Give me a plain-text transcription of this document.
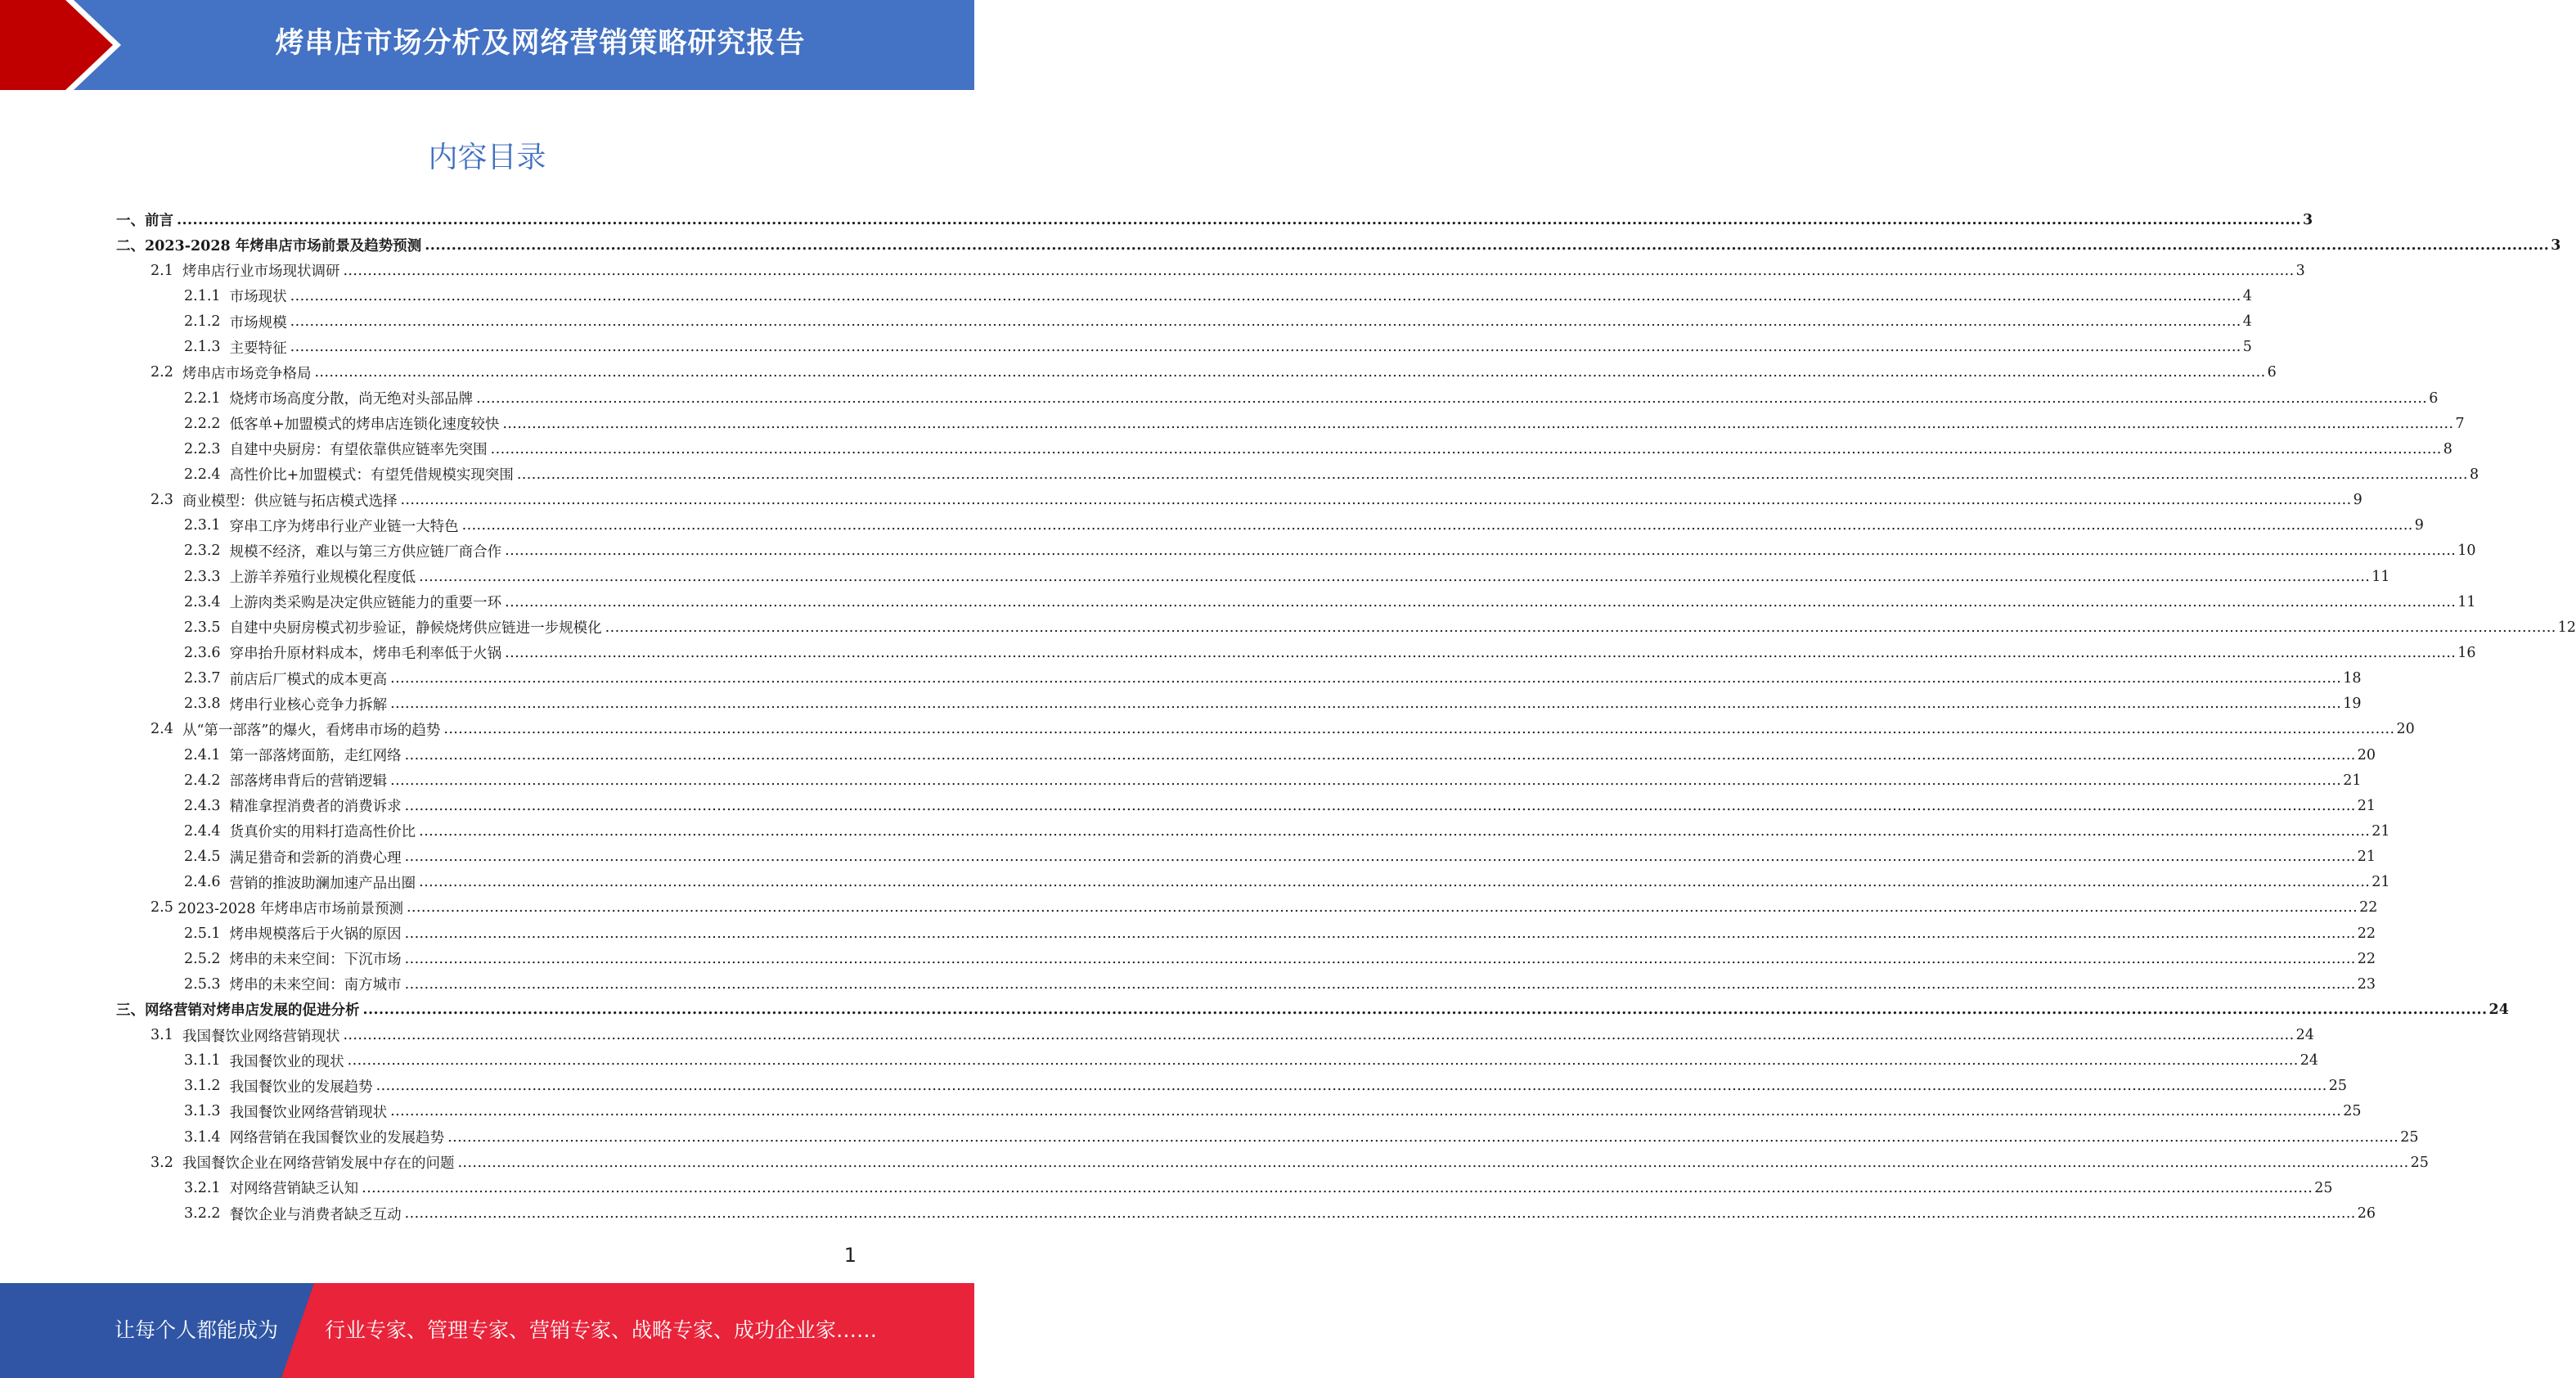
烤串店市场分析及网络营销策略研究报告
内容目录
一、 前言 ................................................................................................................................................................................................................................................................................................................................................................................................................ 3
二、 2023-2028 年烤串店市场前景及趋势预测 ................................................................................................................................................................................................................................................................................................................................................................................................................ 3
2.1 烤串店行业市场现状调研 ................................................................................................................................................................................................................................................................................................................................................................................................................ 3
2.1.1 市场现状 ................................................................................................................................................................................................................................................................................................................................................................................................................ 4
2.1.2 市场规模 ................................................................................................................................................................................................................................................................................................................................................................................................................ 4
2.1.3 主要特征 ................................................................................................................................................................................................................................................................................................................................................................................................................ 5
2.2 烤串店市场竞争格局 ................................................................................................................................................................................................................................................................................................................................................................................................................ 6
2.2.1 烧烤市场高度分散，尚无绝对头部品牌 ................................................................................................................................................................................................................................................................................................................................................................................................................ 6
2.2.2 低客单+加盟模式的烤串店连锁化速度较快 ................................................................................................................................................................................................................................................................................................................................................................................................................ 7
2.2.3 自建中央厨房：有望依靠供应链率先突围 ................................................................................................................................................................................................................................................................................................................................................................................................................ 8
2.2.4 高性价比+加盟模式：有望凭借规模实现突围 ................................................................................................................................................................................................................................................................................................................................................................................................................ 8
2.3 商业模型：供应链与拓店模式选择 ................................................................................................................................................................................................................................................................................................................................................................................................................ 9
2.3.1 穿串工序为烤串行业产业链一大特色 ................................................................................................................................................................................................................................................................................................................................................................................................................ 9
2.3.2 规模不经济，难以与第三方供应链厂商合作 ................................................................................................................................................................................................................................................................................................................................................................................................................ 10
2.3.3 上游羊养殖行业规模化程度低 ................................................................................................................................................................................................................................................................................................................................................................................................................ 11
2.3.4 上游肉类采购是决定供应链能力的重要一环 ................................................................................................................................................................................................................................................................................................................................................................................................................ 11
2.3.5 自建中央厨房模式初步验证，静候烧烤供应链进一步规模化 ................................................................................................................................................................................................................................................................................................................................................................................................................ 12
2.3.6 穿串抬升原材料成本，烤串毛利率低于火锅 ................................................................................................................................................................................................................................................................................................................................................................................................................ 16
2.3.7 前店后厂模式的成本更高 ................................................................................................................................................................................................................................................................................................................................................................................................................ 18
2.3.8 烤串行业核心竞争力拆解 ................................................................................................................................................................................................................................................................................................................................................................................................................ 19
2.4 从“第一部落”的爆火，看烤串市场的趋势 ................................................................................................................................................................................................................................................................................................................................................................................................................ 20
2.4.1 第一部落烤面筋，走红网络 ................................................................................................................................................................................................................................................................................................................................................................................................................ 20
2.4.2 部落烤串背后的营销逻辑 ................................................................................................................................................................................................................................................................................................................................................................................................................ 21
2.4.3 精准拿捏消费者的消费诉求 ................................................................................................................................................................................................................................................................................................................................................................................................................ 21
2.4.4 货真价实的用料打造高性价比 ................................................................................................................................................................................................................................................................................................................................................................................................................ 21
2.4.5 满足猎奇和尝新的消费心理 ................................................................................................................................................................................................................................................................................................................................................................................................................ 21
2.4.6 营销的推波助澜加速产品出圈 ................................................................................................................................................................................................................................................................................................................................................................................................................ 21
2.5 2023-2028 年烤串店市场前景预测 ................................................................................................................................................................................................................................................................................................................................................................................................................ 22
2.5.1 烤串规模落后于火锅的原因 ................................................................................................................................................................................................................................................................................................................................................................................................................ 22
2.5.2 烤串的未来空间：下沉市场 ................................................................................................................................................................................................................................................................................................................................................................................................................ 22
2.5.3 烤串的未来空间：南方城市 ................................................................................................................................................................................................................................................................................................................................................................................................................ 23
三、 网络营销对烤串店发展的促进分析 ................................................................................................................................................................................................................................................................................................................................................................................................................ 24
3.1 我国餐饮业网络营销现状 ................................................................................................................................................................................................................................................................................................................................................................................................................ 24
3.1.1 我国餐饮业的现状 ................................................................................................................................................................................................................................................................................................................................................................................................................ 24
3.1.2 我国餐饮业的发展趋势 ................................................................................................................................................................................................................................................................................................................................................................................................................ 25
3.1.3 我国餐饮业网络营销现状 ................................................................................................................................................................................................................................................................................................................................................................................................................ 25
3.1.4 网络营销在我国餐饮业的发展趋势 ................................................................................................................................................................................................................................................................................................................................................................................................................ 25
3.2 我国餐饮企业在网络营销发展中存在的问题 ................................................................................................................................................................................................................................................................................................................................................................................................................ 25
3.2.1 对网络营销缺乏认知 ................................................................................................................................................................................................................................................................................................................................................................................................................ 25
3.2.2 餐饮企业与消费者缺乏互动 ................................................................................................................................................................................................................................................................................................................................................................................................................ 26
1
让每个人都能成为 行业专家、管理专家、营销专家、战略专家、成功企业家……
